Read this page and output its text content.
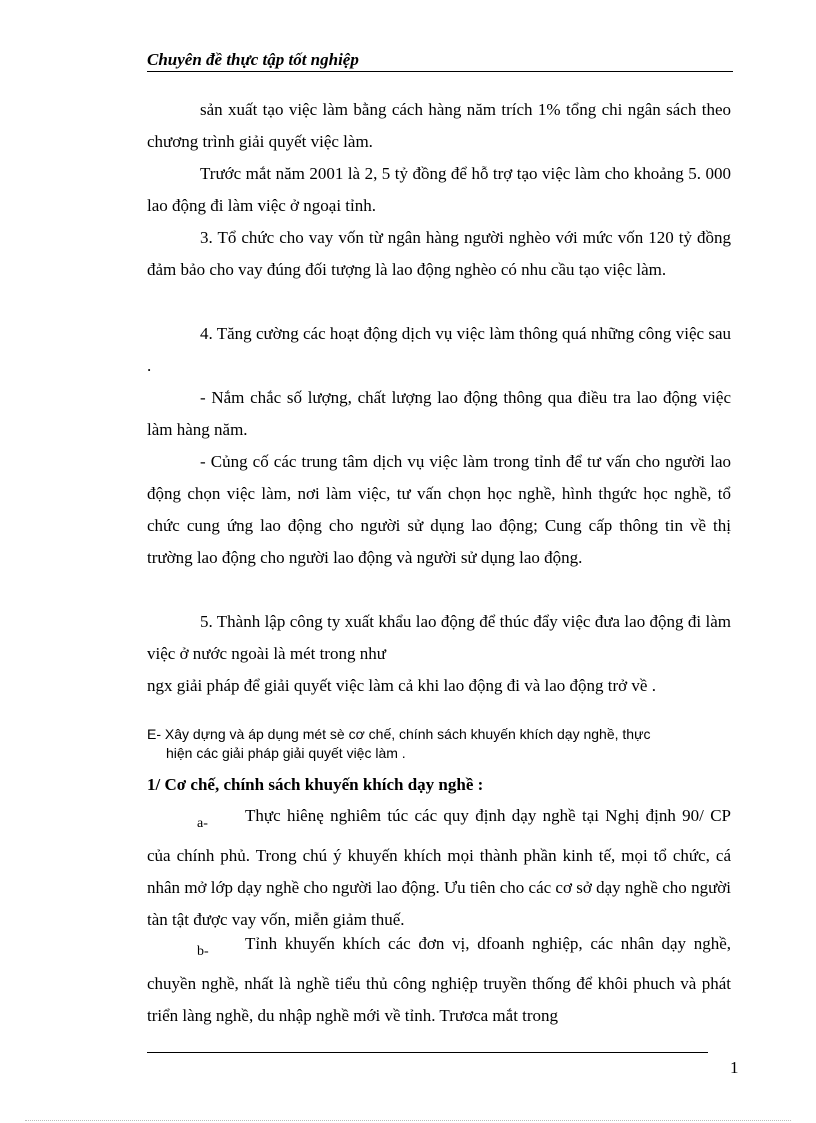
Chuyên đề thực tập tốt nghiệp
sản xuất tạo việc làm bằng cách hàng năm trích 1% tổng chi ngân sách theo chương trình giải quyết việc làm.
Trước mắt năm 2001 là 2, 5 tỷ đồng để hỗ trợ tạo việc làm cho khoảng 5. 000 lao động đi làm việc ở ngoại tỉnh.
3. Tổ chức cho vay vốn từ ngân hàng người nghèo với mức vốn 120 tỷ đồng đảm bảo cho vay đúng đối tượng là lao động nghèo có nhu cầu tạo việc làm.
4. Tăng cường các hoạt động dịch vụ việc làm thông quá những công việc sau .
- Nắm chắc số lượng, chất lượng lao động thông qua điều tra lao động việc làm hàng năm.
- Củng cố các trung tâm dịch vụ việc làm trong tỉnh để tư vấn cho người lao động chọn việc làm, nơi làm việc, tư vấn chọn học nghề, hình thgức học nghề, tổ chức cung ứng lao động cho người sử dụng lao động; Cung cấp thông tin về thị trường lao động cho người lao động và người sử dụng lao động.
5. Thành lập công ty xuất khẩu lao động để thúc đẩy việc đưa lao động đi làm việc ở nước ngoài là mét trong như
ngx giải pháp để giải quyết việc làm cả khi lao động đi và lao động trở về .
E- Xây dựng và áp dụng mét sè cơ chế, chính sách khuyến khích dạy nghề, thực
hiện các giải pháp giải quyết việc làm .
1/ Cơ chế, chính sách khuyến khích dạy nghề :
a- Thực hiênę nghiêm túc các quy định dạy nghề tại Nghị định 90/ CP của chính phủ. Trong chú ý khuyến khích mọi thành phần kinh tế, mọi tổ chức, cá nhân mở lớp dạy nghề cho người lao động. Ưu tiên cho các cơ sở dạy nghề cho người tàn tật được vay vốn, miễn giảm thuế.
b- Tỉnh khuyến khích các đơn vị, dfoanh nghiệp, các nhân dạy nghề, chuyền nghề, nhất là nghề tiểu thủ công nghiệp truyền thống để khôi phuch và phát triển làng nghề, du nhập nghề mới về tỉnh. Trươca mắt trong
1
